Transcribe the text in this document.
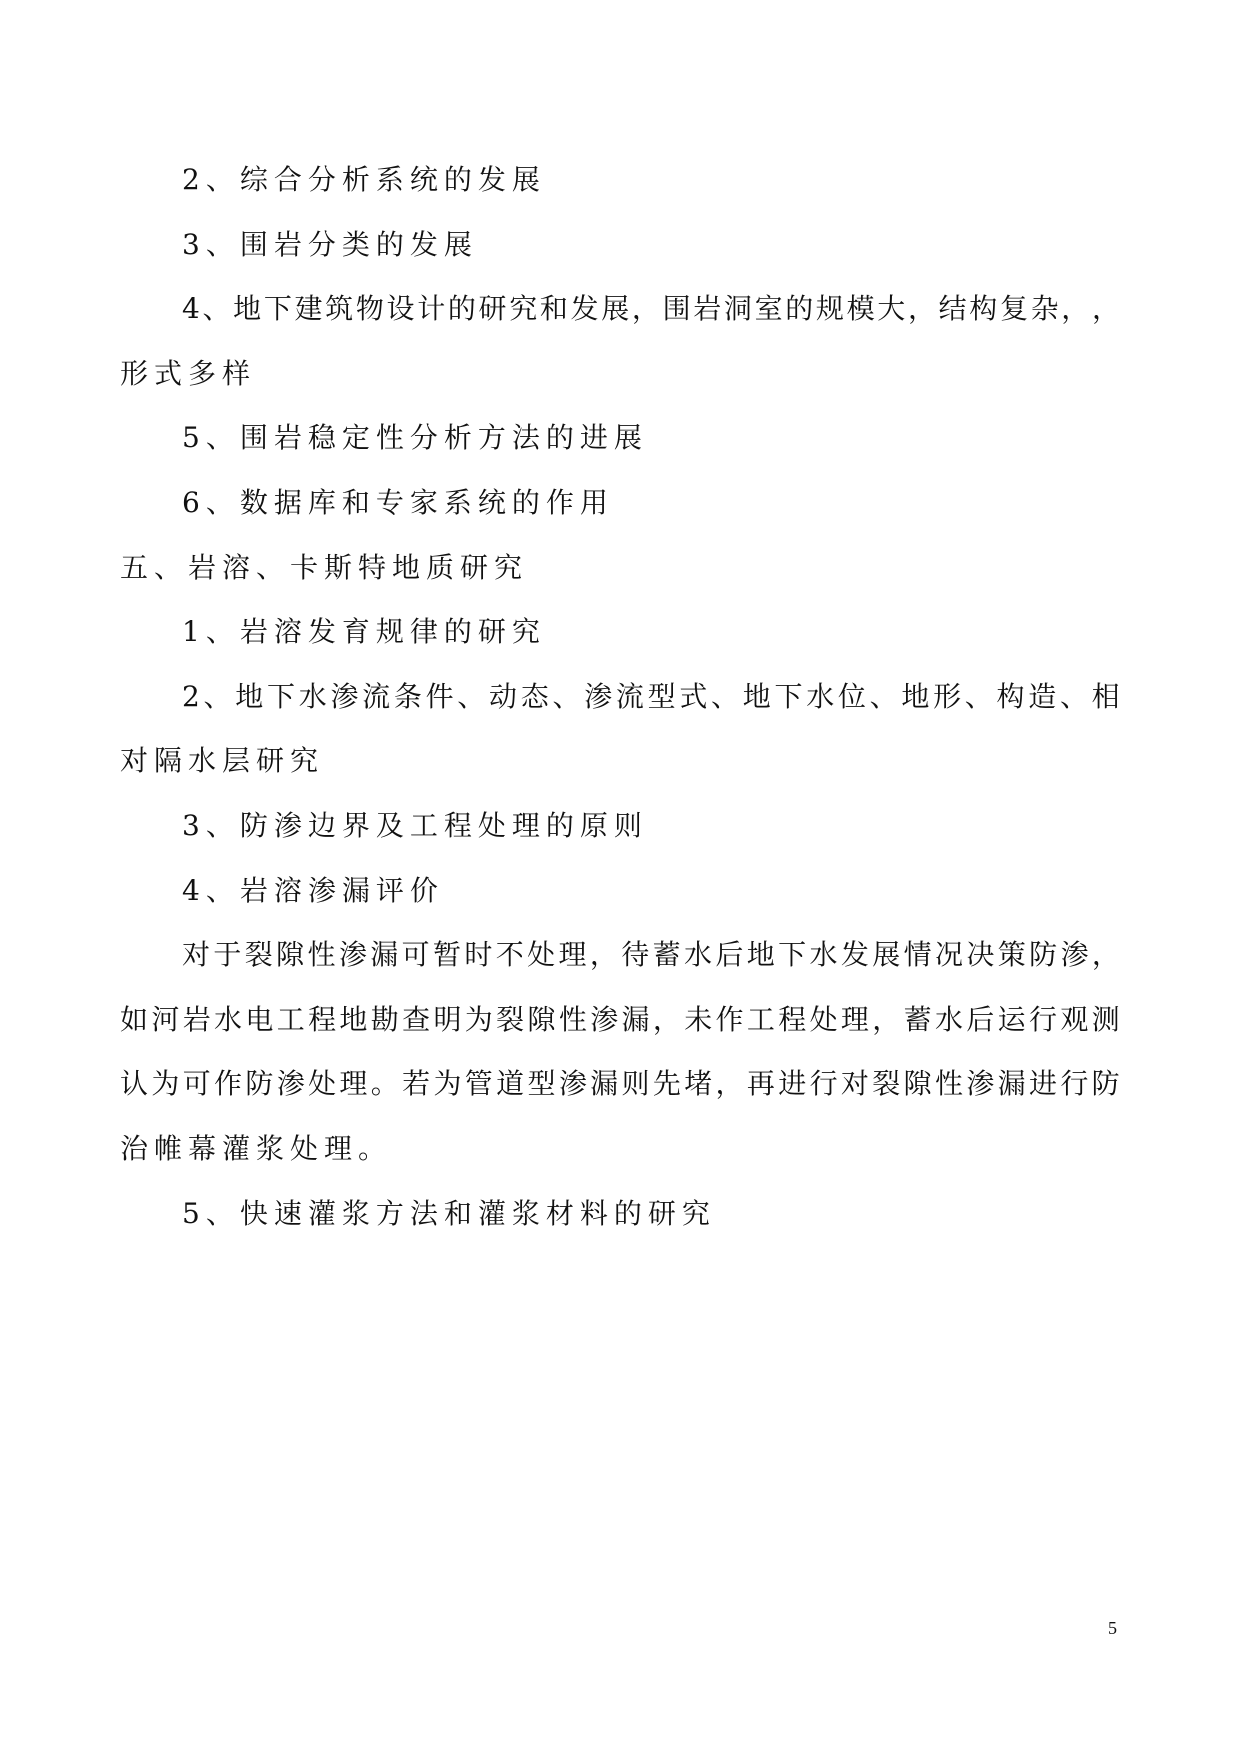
2、综合分析系统的发展
3、围岩分类的发展
4 、 地 下 建 筑 物 设 计 的 研 究 和 发 展 ， 围 岩 洞 室 的 规 模 大 ， 结 构 复 杂 ， ，
形式多样
5、围岩稳定性分析方法的进展
6、数据库和专家系统的作用
五、岩溶、卡斯特地质研究
1、岩溶发育规律的研究
2 、 地 下 水 渗 流 条 件 、 动 态 、 渗 流 型 式 、 地 下 水 位 、 地 形 、 构 造 、 相
对隔水层研究
3、防渗边界及工程处理的原则
4、岩溶渗漏评价
对 于 裂 隙 性 渗 漏 可 暂 时 不 处 理 ， 待 蓄 水 后 地 下 水 发 展 情 况 决 策 防 渗 ，
如 河 岩 水 电 工 程 地 勘 查 明 为 裂 隙 性 渗 漏 ， 未 作 工 程 处 理 ， 蓄 水 后 运 行 观 测
认 为 可 作 防 渗 处 理 。 若 为 管 道 型 渗 漏 则 先 堵 ， 再 进 行 对 裂 隙 性 渗 漏 进 行 防
治帷幕灌浆处理。
5、快速灌浆方法和灌浆材料的研究
5
